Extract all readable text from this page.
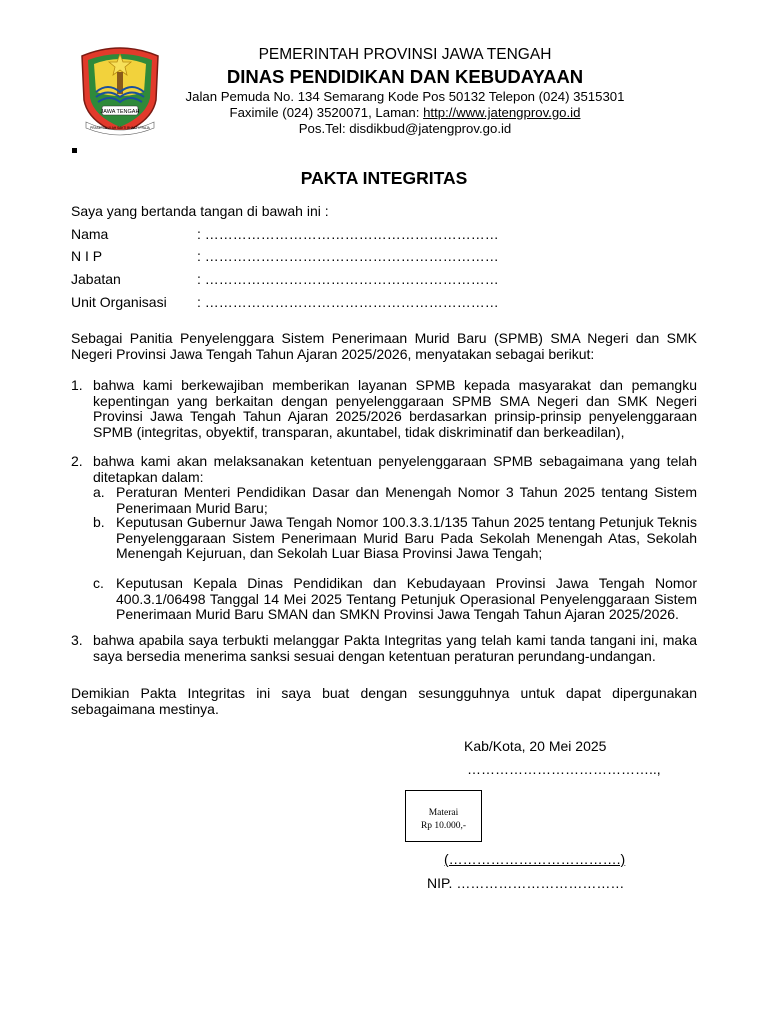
JAWA TENGAH
PRASETYA ULAH SAKTI BHAKTI PRAJA
PEMERINTAH PROVINSI JAWA TENGAH
DINAS PENDIDIKAN DAN KEBUDAYAAN
Jalan Pemuda No. 134 Semarang Kode Pos 50132 Telepon (024) 3515301
Faximile (024) 3520071, Laman: http://www.jatengprov.go.id
Pos.Tel: disdikbud@jatengprov.go.id
PAKTA INTEGRITAS
Saya yang bertanda tangan di bawah ini :
Nama	: ………………………………………………………
N I P	: ………………………………………………………
Jabatan	: ………………………………………………………
Unit Organisasi : ………………………………………………………
Sebagai Panitia Penyelenggara Sistem Penerimaan Murid Baru (SPMB) SMA Negeri dan SMK Negeri Provinsi Jawa Tengah Tahun Ajaran 2025/2026, menyatakan sebagai berikut:
1. bahwa kami berkewajiban memberikan layanan SPMB kepada masyarakat dan pemangku kepentingan yang berkaitan dengan penyelenggaraan SPMB SMA Negeri dan SMK Negeri Provinsi Jawa Tengah Tahun Ajaran 2025/2026 berdasarkan prinsip-prinsip penyelenggaraan SPMB (integritas, obyektif, transparan, akuntabel, tidak diskriminatif dan berkeadilan),
2. bahwa kami akan melaksanakan ketentuan penyelenggaraan SPMB sebagaimana yang telah ditetapkan dalam:
a. Peraturan Menteri Pendidikan Dasar dan Menengah Nomor 3 Tahun 2025 tentang Sistem Penerimaan Murid Baru;
b. Keputusan Gubernur Jawa Tengah Nomor 100.3.3.1/135 Tahun 2025 tentang Petunjuk Teknis Penyelenggaraan Sistem Penerimaan Murid Baru Pada Sekolah Menengah Atas, Sekolah Menengah Kejuruan, dan Sekolah Luar Biasa Provinsi Jawa Tengah;
c. Keputusan Kepala Dinas Pendidikan dan Kebudayaan Provinsi Jawa Tengah Nomor 400.3.1/06498 Tanggal 14 Mei 2025 Tentang Petunjuk Operasional Penyelenggaraan Sistem Penerimaan Murid Baru SMAN dan SMKN Provinsi Jawa Tengah Tahun Ajaran 2025/2026.
3. bahwa apabila saya terbukti melanggar Pakta Integritas yang telah kami tanda tangani ini, maka saya bersedia menerima sanksi sesuai dengan ketentuan peraturan perundang-undangan.
Demikian Pakta Integritas ini saya buat dengan sesungguhnya untuk dapat dipergunakan sebagaimana mestinya.
Kab/Kota, 20 Mei 2025
…………………………………..,
Materai
Rp 10.000,-
(……………………………….)
NIP. ………………………………
